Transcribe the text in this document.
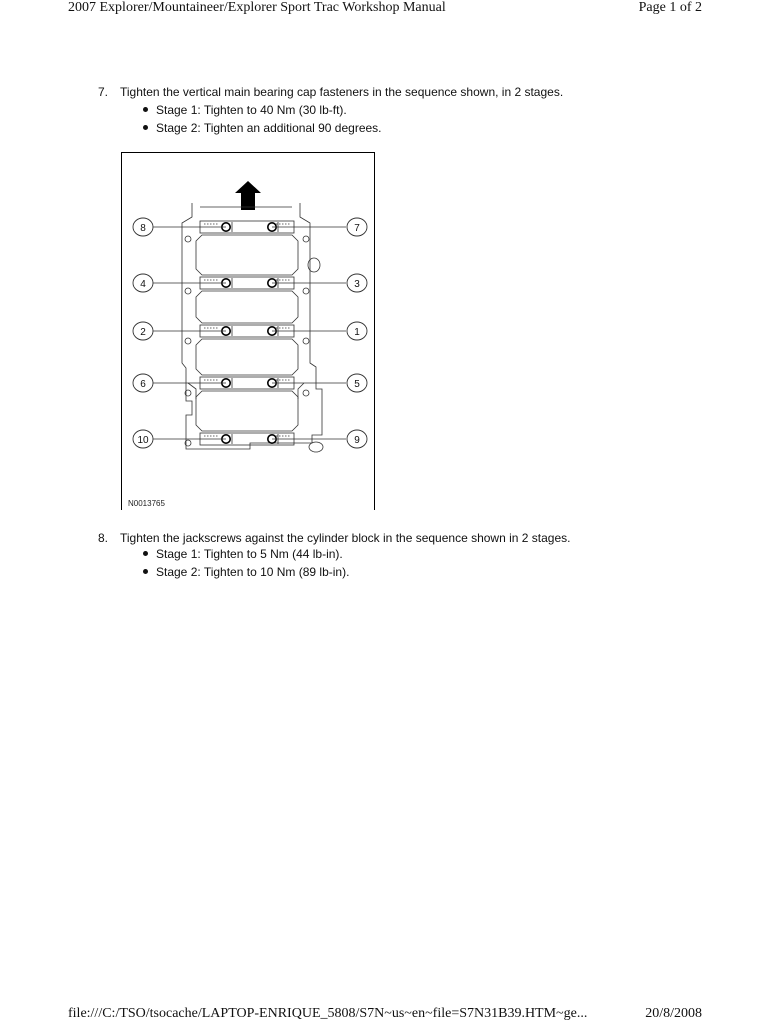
2007 Explorer/Mountaineer/Explorer Sport Trac Workshop Manual	Page 1 of 2
7. Tighten the vertical main bearing cap fasteners in the sequence shown, in 2 stages.
Stage 1: Tighten to 40 Nm (30 lb-ft).
Stage 2: Tighten an additional 90 degrees.
8	7
4	3
2	1
6	5
10	9
N0013765
8. Tighten the jackscrews against the cylinder block in the sequence shown in 2 stages.
Stage 1: Tighten to 5 Nm (44 lb-in).
Stage 2: Tighten to 10 Nm (89 lb-in).
file:///C:/TSO/tsocache/LAPTOP-ENRIQUE_5808/S7N~us~en~file=S7N31B39.HTM~ge...	20/8/2008
